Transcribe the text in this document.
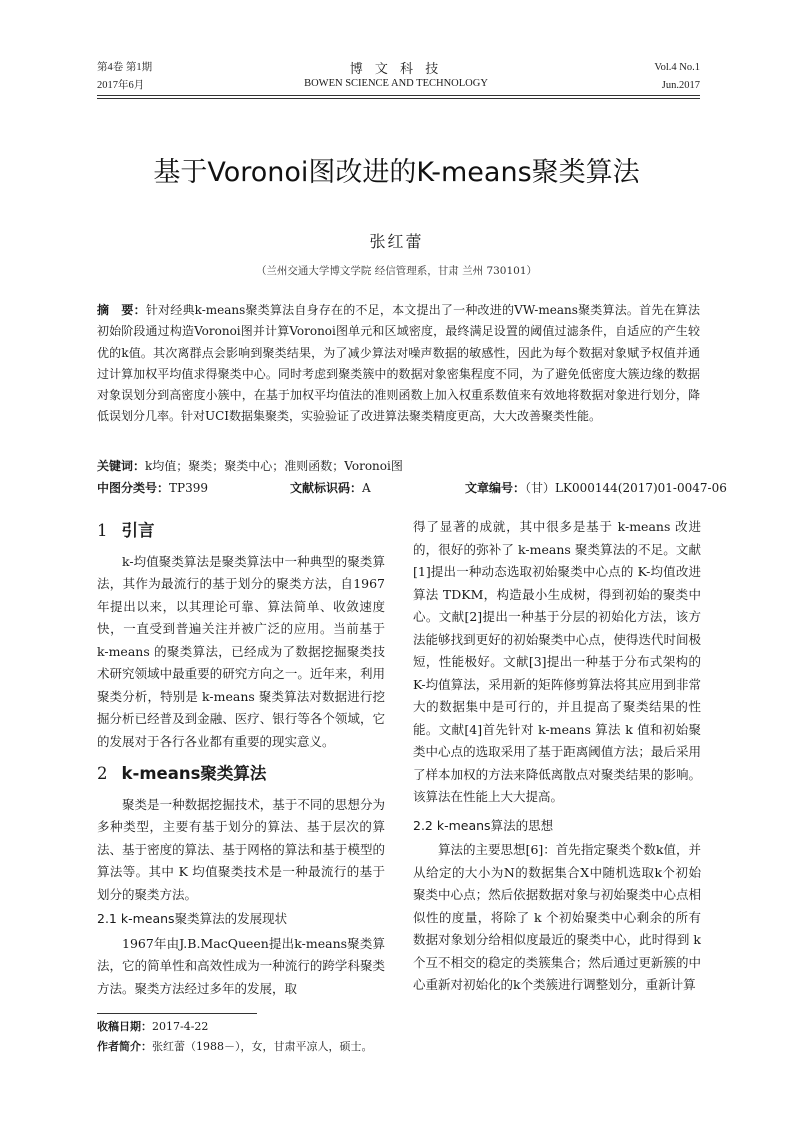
第4卷 第1期
2017年6月
博 文 科 技
BOWEN SCIENCE AND TECHNOLOGY
Vol.4 No.1
Jun.2017
基于Voronoi图改进的K-means聚类算法
张红蕾
（兰州交通大学博文学院 经信管理系，甘肃 兰州 730101）
摘　要：针对经典k-means聚类算法自身存在的不足，本文提出了一种改进的VW-means聚类算法。首先在算法初始阶段通过构造Voronoi图并计算Voronoi图单元和区域密度，最终满足设置的阈值过滤条件，自适应的产生较优的k值。其次离群点会影响到聚类结果，为了减少算法对噪声数据的敏感性，因此为每个数据对象赋予权值并通过计算加权平均值求得聚类中心。同时考虑到聚类簇中的数据对象密集程度不同，为了避免低密度大簇边缘的数据对象误划分到高密度小簇中，在基于加权平均值法的准则函数上加入权重系数值来有效地将数据对象进行划分，降低误划分几率。针对UCI数据集聚类，实验验证了改进算法聚类精度更高，大大改善聚类性能。
关键词：k均值；聚类；聚类中心；准则函数；Voronoi图
中图分类号：TP399	文献标识码：A	文章编号：（甘）LK000144(2017)01-0047-06
1 引言

k-均值聚类算法是聚类算法中一种典型的聚类算法，其作为最流行的基于划分的聚类方法，自1967年提出以来，以其理论可靠、算法简单、收敛速度快，一直受到普遍关注并被广泛的应用。当前基于 k-means 的聚类算法，已经成为了数据挖掘聚类技术研究领域中最重要的研究方向之一。近年来，利用聚类分析，特别是 k-means 聚类算法对数据进行挖掘分析已经普及到金融、医疗、银行等各个领域，它的发展对于各行各业都有重要的现实意义。

2 k-means聚类算法

聚类是一种数据挖掘技术，基于不同的思想分为多种类型，主要有基于划分的算法、基于层次的算法、基于密度的算法、基于网格的算法和基于模型的算法等。其中 K 均值聚类技术是一种最流行的基于划分的聚类方法。

2.1 k-means聚类算法的发展现状

1967年由J.B.MacQueen提出k-means聚类算法，它的简单性和高效性成为一种流行的跨学科聚类方法。聚类方法经过多年的发展，取

得了显著的成就，其中很多是基于 k-means 改进的，很好的弥补了 k-means 聚类算法的不足。文献[1]提出一种动态选取初始聚类中心点的 K-均值改进算法 TDKM，构造最小生成树，得到初始的聚类中心。文献[2]提出一种基于分层的初始化方法，该方法能够找到更好的初始聚类中心点，使得迭代时间极短，性能极好。文献[3]提出一种基于分布式架构的 K-均值算法，采用新的矩阵修剪算法将其应用到非常大的数据集中是可行的，并且提高了聚类结果的性能。文献[4]首先针对 k-means 算法 k 值和初始聚类中心点的选取采用了基于距离阈值方法；最后采用了样本加权的方法来降低离散点对聚类结果的影响。该算法在性能上大大提高。

2.2 k-means算法的思想

算法的主要思想[6]：首先指定聚类个数k值，并从给定的大小为N的数据集合X中随机选取k个初始聚类中心点；然后依据数据对象与初始聚类中心点相似性的度量，将除了 k 个初始聚类中心剩余的所有数据对象划分给相似度最近的聚类中心，此时得到 k 个互不相交的稳定的类簇集合；然后通过更新簇的中心重新对初始化的k个类簇进行调整划分，重新计算

收稿日期：2017-4-22
作者简介：张红蕾（1988－），女，甘肃平凉人，硕士。
